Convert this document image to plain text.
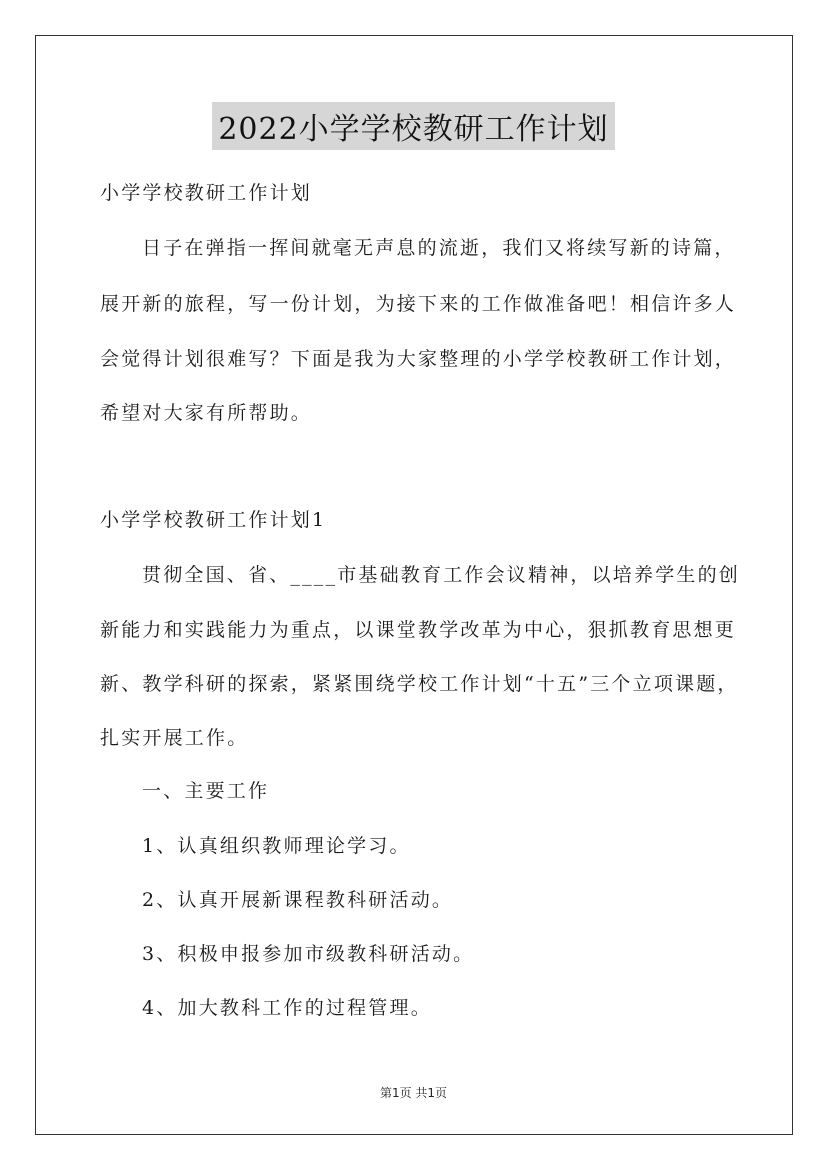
2022小学学校教研工作计划
小学学校教研工作计划
日子在弹指一挥间就毫无声息的流逝，我们又将续写新的诗篇，
展开新的旅程，写一份计划，为接下来的工作做准备吧！相信许多人
会觉得计划很难写？下面是我为大家整理的小学学校教研工作计划，
希望对大家有所帮助。
小学学校教研工作计划1
贯彻全国、省、____市基础教育工作会议精神，以培养学生的创
新能力和实践能力为重点，以课堂教学改革为中心，狠抓教育思想更
新、教学科研的探索，紧紧围绕学校工作计划“十五”三个立项课题，
扎实开展工作。
一、主要工作
1、认真组织教师理论学习。
2、认真开展新课程教科研活动。
3、积极申报参加市级教科研活动。
4、加大教科工作的过程管理。
第1页 共1页
